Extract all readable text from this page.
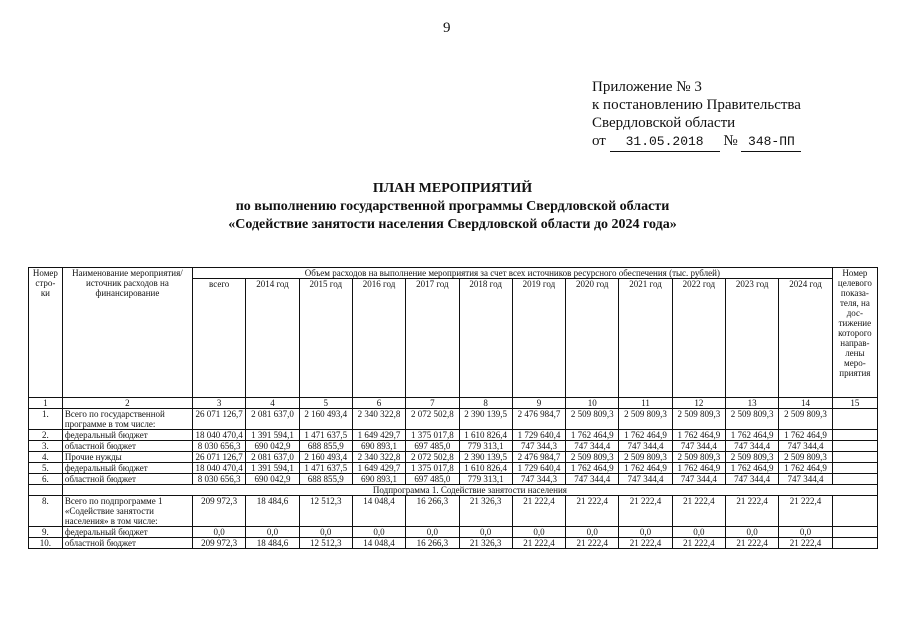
9
Приложение № 3
к постановлению Правительства
Свердловской области
от 31.05.2018 № 348-ПП
ПЛАН МЕРОПРИЯТИЙ
по выполнению государственной программы Свердловской области
«Содействие занятости населения Свердловской области до 2024 года»
Номер стро-ки	Наименование мероприятия/ источник расходов на финансирование	Объем расходов на выполнение мероприятия за счет всех источников ресурсного обеспечения (тыс. рублей)												Номер целевого показа-теля, на дос-тижение которого направ-лены меро-приятия
		всего	2014 год	2015 год	2016 год	2017 год	2018 год	2019 год	2020 год	2021 год	2022 год	2023 год	2024 год	
1	2	3	4	5	6	7	8	9	10	11	12	13	14	15
1.	Всего по государственной программе в том числе:	26 071 126,7	2 081 637,0	2 160 493,4	2 340 322,8	2 072 502,8	2 390 139,5	2 476 984,7	2 509 809,3	2 509 809,3	2 509 809,3	2 509 809,3	2 509 809,3	
2.	федеральный бюджет	18 040 470,4	1 391 594,1	1 471 637,5	1 649 429,7	1 375 017,8	1 610 826,4	1 729 640,4	1 762 464,9	1 762 464,9	1 762 464,9	1 762 464,9	1 762 464,9	
3.	областной бюджет	8 030 656,3	690 042,9	688 855,9	690 893,1	697 485,0	779 313,1	747 344,3	747 344,4	747 344,4	747 344,4	747 344,4	747 344,4	
4.	Прочие нужды	26 071 126,7	2 081 637,0	2 160 493,4	2 340 322,8	2 072 502,8	2 390 139,5	2 476 984,7	2 509 809,3	2 509 809,3	2 509 809,3	2 509 809,3	2 509 809,3	
5.	федеральный бюджет	18 040 470,4	1 391 594,1	1 471 637,5	1 649 429,7	1 375 017,8	1 610 826,4	1 729 640,4	1 762 464,9	1 762 464,9	1 762 464,9	1 762 464,9	1 762 464,9	
6.	областной бюджет	8 030 656,3	690 042,9	688 855,9	690 893,1	697 485,0	779 313,1	747 344,3	747 344,4	747 344,4	747 344,4	747 344,4	747 344,4	
	Подпрограмма 1. Содействие занятости населения													
8.	Всего по подпрограмме 1 «Содействие занятости населения» в том числе:	209 972,3	18 484,6	12 512,3	14 048,4	16 266,3	21 326,3	21 222,4	21 222,4	21 222,4	21 222,4	21 222,4	21 222,4	
9.	федеральный бюджет	0,0	0,0	0,0	0,0	0,0	0,0	0,0	0,0	0,0	0,0	0,0	0,0	
10.	областной бюджет	209 972,3	18 484,6	12 512,3	14 048,4	16 266,3	21 326,3	21 222,4	21 222,4	21 222,4	21 222,4	21 222,4	21 222,4	
